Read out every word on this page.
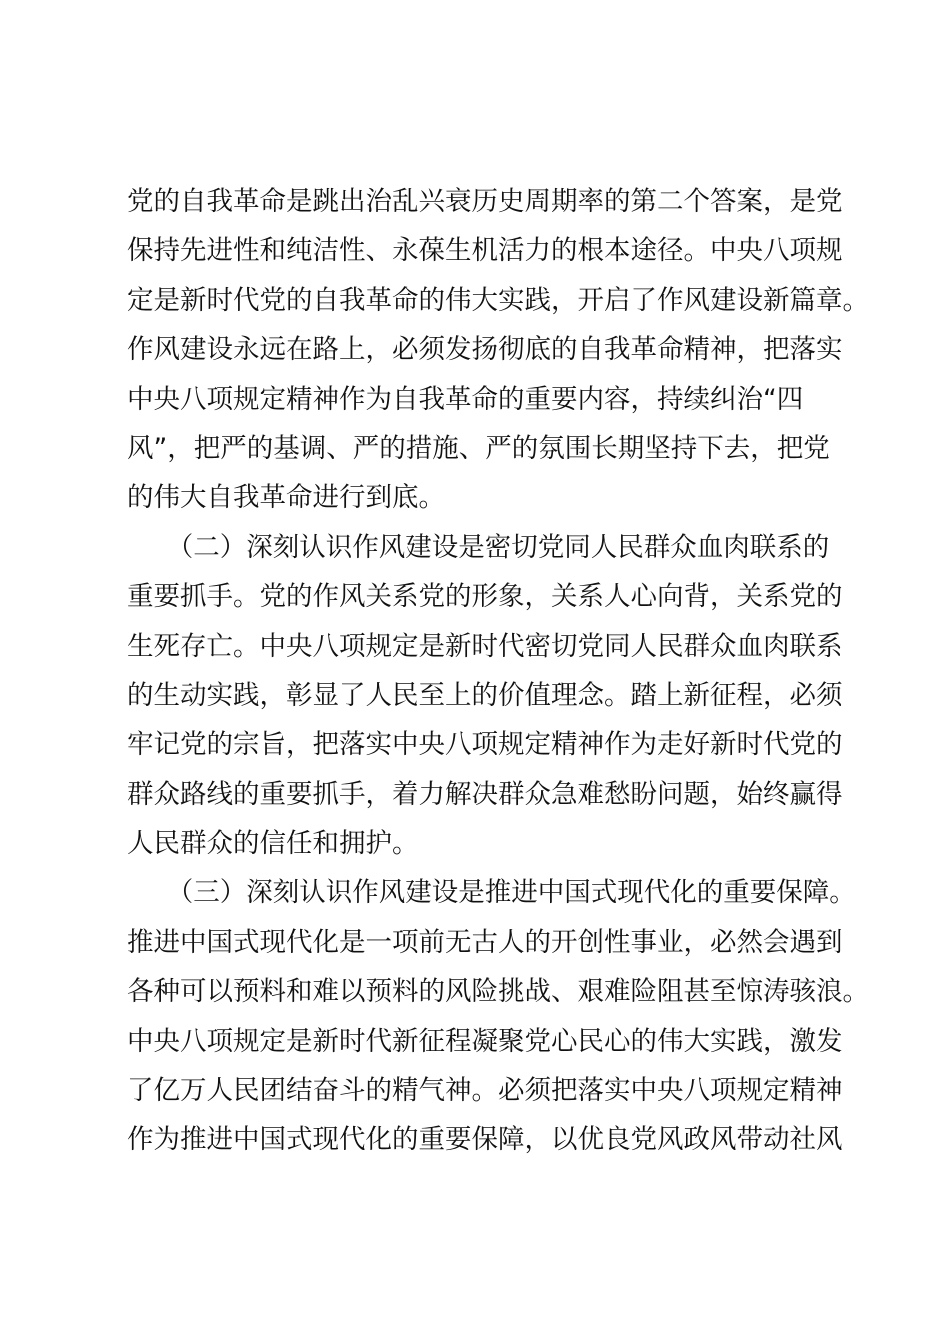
党的自我革命是跳出治乱兴衰历史周期率的第二个答案，是党
保持先进性和纯洁性、永葆生机活力的根本途径。中央八项规
定是新时代党的自我革命的伟大实践，开启了作风建设新篇章。
作风建设永远在路上，必须发扬彻底的自我革命精神，把落实
中央八项规定精神作为自我革命的重要内容，持续纠治“四
风”，把严的基调、严的措施、严的氛围长期坚持下去，把党
的伟大自我革命进行到底。

　　（二）深刻认识作风建设是密切党同人民群众血肉联系的
重要抓手。党的作风关系党的形象，关系人心向背，关系党的
生死存亡。中央八项规定是新时代密切党同人民群众血肉联系
的生动实践，彰显了人民至上的价值理念。踏上新征程，必须
牢记党的宗旨，把落实中央八项规定精神作为走好新时代党的
群众路线的重要抓手，着力解决群众急难愁盼问题，始终赢得
人民群众的信任和拥护。

　　（三）深刻认识作风建设是推进中国式现代化的重要保障。
推进中国式现代化是一项前无古人的开创性事业，必然会遇到
各种可以预料和难以预料的风险挑战、艰难险阻甚至惊涛骇浪。
中央八项规定是新时代新征程凝聚党心民心的伟大实践，激发
了亿万人民团结奋斗的精气神。必须把落实中央八项规定精神
作为推进中国式现代化的重要保障，以优良党风政风带动社风
